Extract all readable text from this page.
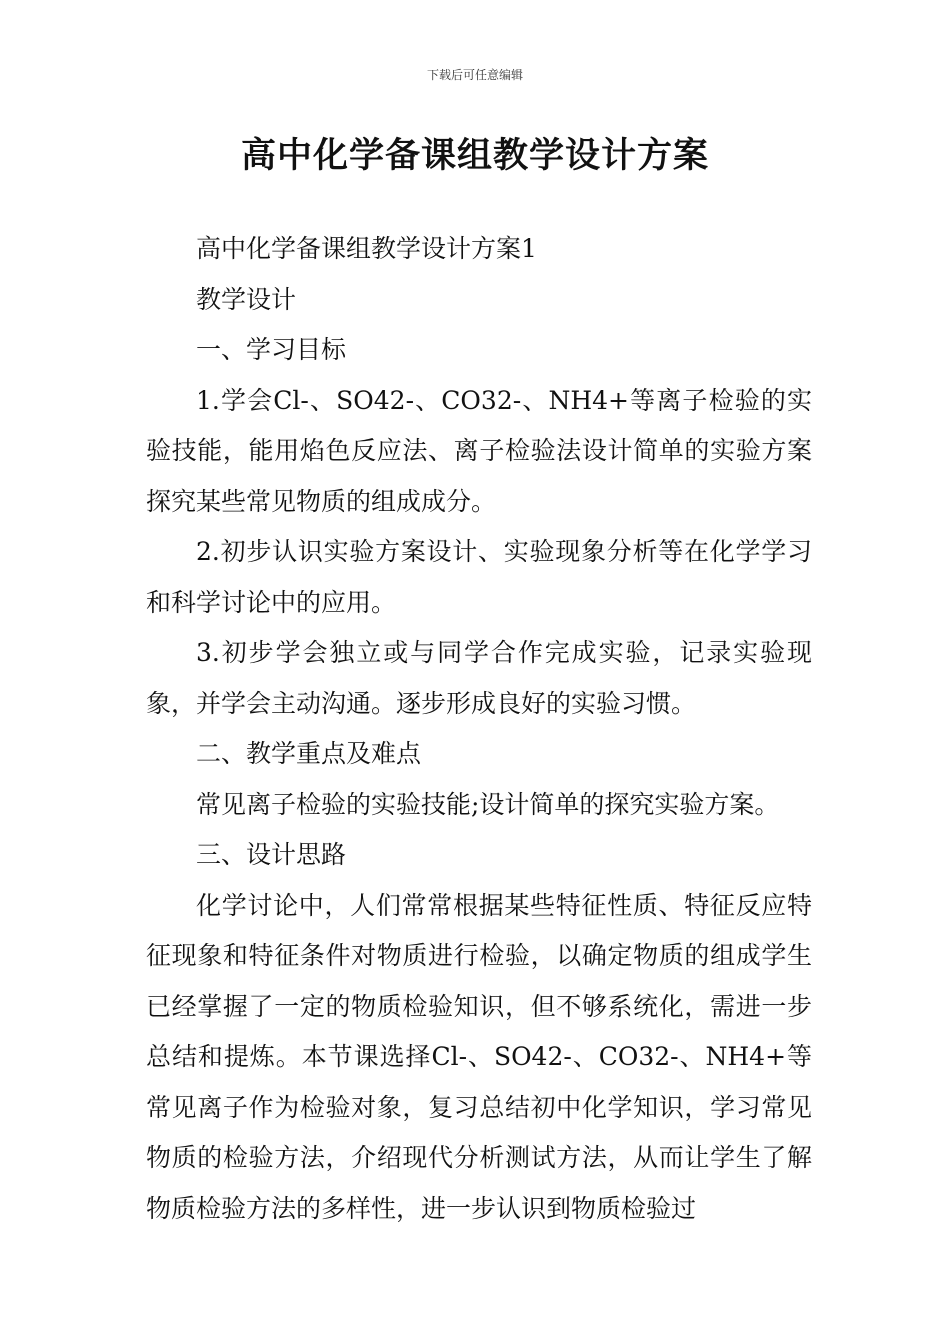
下载后可任意编辑
高中化学备课组教学设计方案

高中化学备课组教学设计方案1

教学设计

一、学习目标

1.学会Cl-、SO42-、CO32-、NH4+等离子检验的实验技能，能用焰色反应法、离子检验法设计简单的实验方案探究某些常见物质的组成成分。

2.初步认识实验方案设计、实验现象分析等在化学学习和科学讨论中的应用。

3.初步学会独立或与同学合作完成实验，记录实验现象，并学会主动沟通。逐步形成良好的实验习惯。

二、教学重点及难点

常见离子检验的实验技能;设计简单的探究实验方案。

三、设计思路

化学讨论中，人们常常根据某些特征性质、特征反应特征现象和特征条件对物质进行检验，以确定物质的组成学生已经掌握了一定的物质检验知识，但不够系统化，需进一步总结和提炼。本节课选择Cl-、SO42-、CO32-、NH4+等常见离子作为检验对象，复习总结初中化学知识，学习常见物质的检验方法，介绍现代分析测试方法，从而让学生了解物质检验方法的多样性，进一步认识到物质检验过
